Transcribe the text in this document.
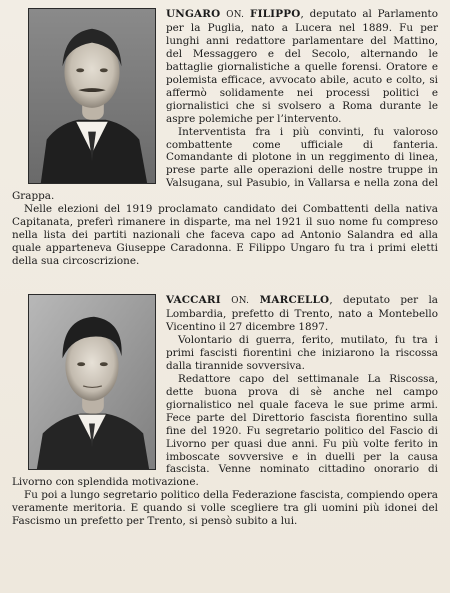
UNGARO ON. FILIPPO, deputato al Parlamento per la Puglia, nato a Lucera nel 1889. Fu per lunghi anni redattore parlamentare del Mattino, del Messaggero e del Secolo, alternando le battaglie giornalistiche a quelle forensi. Oratore e polemista efficace, avvocato abile, acuto e colto, si affermò solidamente nei processi politici e giornalistici che si svolsero a Roma durante le aspre polemiche per l’intervento.

Interventista fra i più convinti, fu valoroso combattente come ufficiale di fanteria. Comandante di plotone in un reggimento di linea, prese parte alle operazioni delle nostre truppe in Valsugana, sul Pasubio, in Vallarsa e nella zona del Grappa.

Nelle elezioni del 1919 proclamato candidato dei Combattenti della nativa Capitanata, preferì rimanere in disparte, ma nel 1921 il suo nome fu compreso nella lista dei partiti nazionali che faceva capo ad Antonio Salandra ed alla quale apparteneva Giuseppe Caradonna. E Filippo Ungaro fu tra i primi eletti della sua circoscrizione.

VACCARI ON. MARCELLO, deputato per la Lombardia, prefetto di Trento, nato a Montebello Vicentino il 27 dicembre 1897.

Volontario di guerra, ferito, mutilato, fu tra i primi fascisti fiorentini che iniziarono la riscossa dalla tirannide sovversiva.

Redattore capo del settimanale La Riscossa, dette buona prova di sè anche nel campo giornalistico nel quale faceva le sue prime armi. Fece parte del Direttorio fascista fiorentino sulla fine del 1920. Fu segretario politico del Fascio di Livorno per quasi due anni. Fu più volte ferito in imboscate sovversive e in duelli per la causa fascista. Venne nominato cittadino onorario di Livorno con splendida motivazione.

Fu poi a lungo segretario politico della Federazione fascista, compiendo opera veramente meritoria. E quando si volle scegliere tra gli uomini più idonei del Fascismo un prefetto per Trento, si pensò subito a lui.
